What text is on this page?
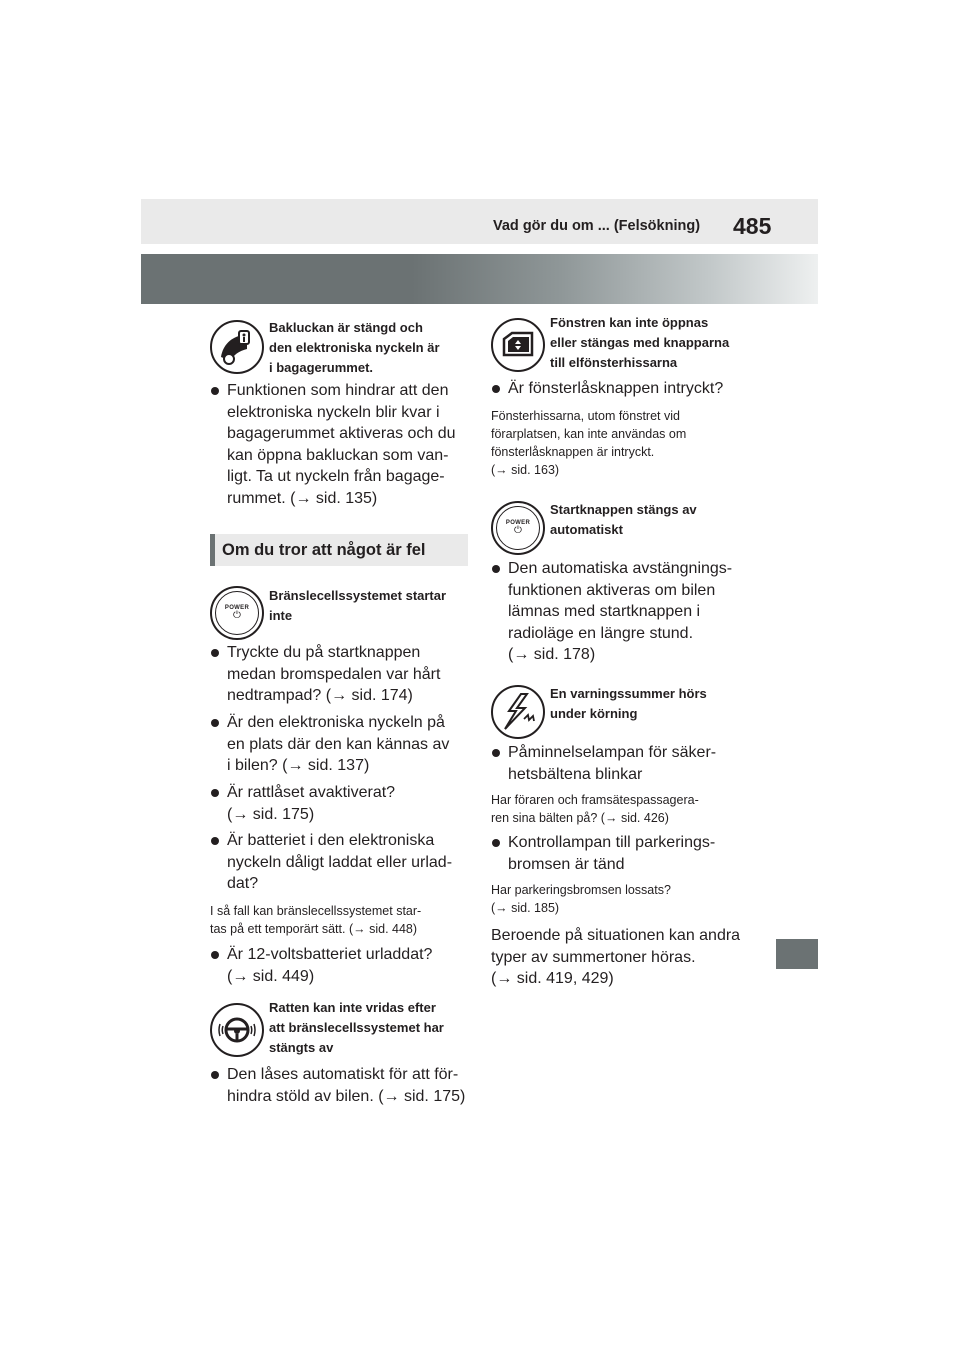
Vad gör du om ... (Felsökning) 485
Bakluckan är stängd och
den elektroniska nyckeln är
i bagagerummet.
Funktionen som hindrar att den
elektroniska nyckeln blir kvar i
bagagerummet aktiveras och du
kan öppna bakluckan som van-
ligt. Ta ut nyckeln från bagage-
rummet. (→ sid. 135)
Om du tror att något är fel
POWER
⏻
Bränslecellssystemet startar
inte
Tryckte du på startknappen
medan bromspedalen var hårt
nedtrampad? (→ sid. 174)
Är den elektroniska nyckeln på
en plats där den kan kännas av
i bilen? (→ sid. 137)
Är rattlåset avaktiverat?
(→ sid. 175)
Är batteriet i den elektroniska
nyckeln dåligt laddat eller urlad-
dat?
I så fall kan bränslecellssystemet star-
tas på ett temporärt sätt. (→ sid. 448)
Är 12-voltsbatteriet urladdat?
(→ sid. 449)
Ratten kan inte vridas efter
att bränslecellssystemet har
stängts av
Den låses automatiskt för att för-
hindra stöld av bilen. (→ sid. 175)
Fönstren kan inte öppnas
eller stängas med knapparna
till elfönsterhissarna
Är fönsterlåsknappen intryckt?
Fönsterhissarna, utom fönstret vid
förarplatsen, kan inte användas om
fönsterlåsknappen är intryckt.
(→ sid. 163)
POWER
⏻
Startknappen stängs av
automatiskt
Den automatiska avstängnings-
funktionen aktiveras om bilen
lämnas med startknappen i
radioläge en längre stund.
(→ sid. 178)
En varningssummer hörs
under körning
Påminnelselampan för säker-
hetsbältena blinkar
Har föraren och framsätespassagera-
ren sina bälten på? (→ sid. 426)
Kontrollampan till parkerings-
bromsen är tänd
Har parkeringsbromsen lossats?
(→ sid. 185)
Beroende på situationen kan andra
typer av summertoner höras.
(→ sid. 419, 429)
